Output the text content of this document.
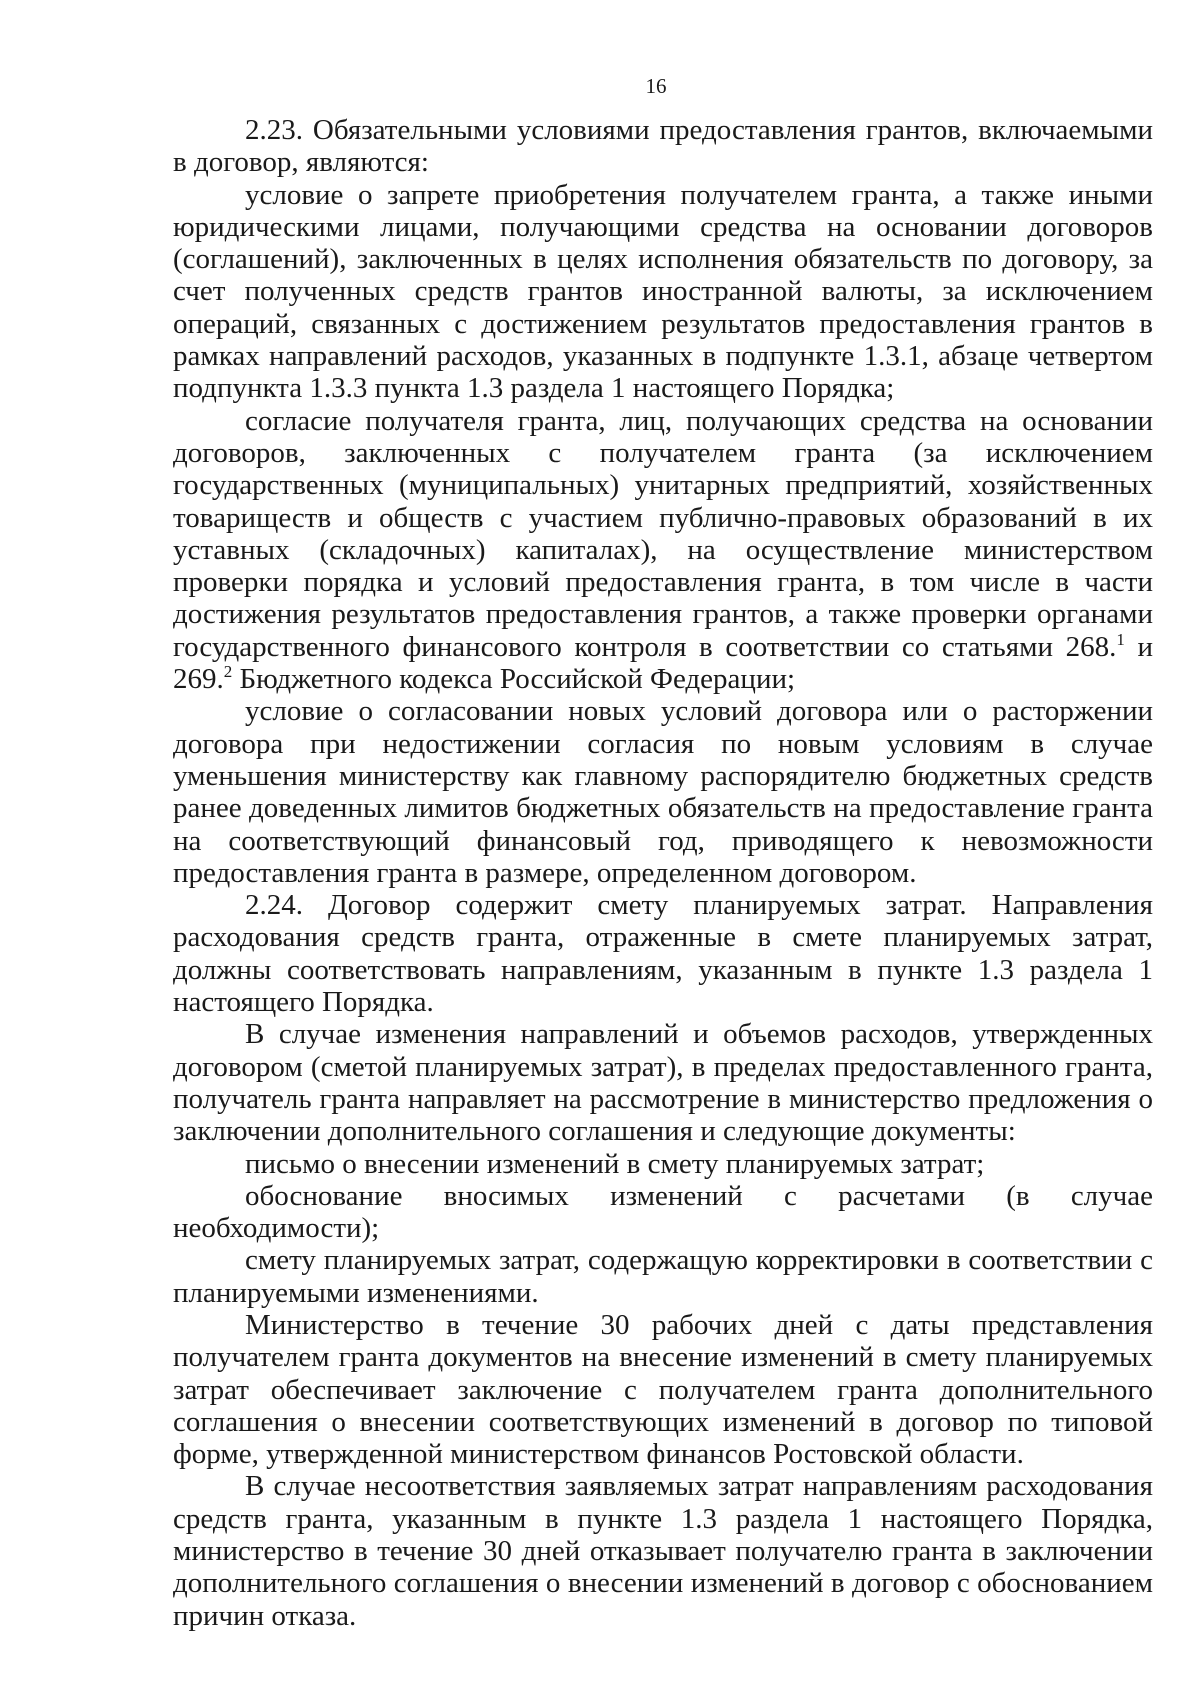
16

2.23. Обязательными условиями предоставления грантов, включаемыми в договор, являются:

условие о запрете приобретения получателем гранта, а также иными юридическими лицами, получающими средства на основании договоров (соглашений), заключенных в целях исполнения обязательств по договору, за счет полученных средств грантов иностранной валюты, за исключением операций, связанных с достижением результатов предоставления грантов в рамках направлений расходов, указанных в подпункте 1.3.1, абзаце четвертом подпункта 1.3.3 пункта 1.3 раздела 1 настоящего Порядка;

согласие получателя гранта, лиц, получающих средства на основании договоров, заключенных с получателем гранта (за исключением государственных (муниципальных) унитарных предприятий, хозяйственных товариществ и обществ с участием публично-правовых образований в их уставных (складочных) капиталах), на осуществление министерством проверки порядка и условий предоставления гранта, в том числе в части достижения результатов предоставления грантов, а также проверки органами государственного финансового контроля в соответствии со статьями 268.$^1$ и 269.$^2$ Бюджетного кодекса Российской Федерации;

условие о согласовании новых условий договора или о расторжении договора при недостижении согласия по новым условиям в случае уменьшения министерству как главному распорядителю бюджетных средств ранее доведенных лимитов бюджетных обязательств на предоставление гранта на соответствующий финансовый год, приводящего к невозможности предоставления гранта в размере, определенном договором.

2.24. Договор содержит смету планируемых затрат. Направления расходования средств гранта, отраженные в смете планируемых затрат, должны соответствовать направлениям, указанным в пункте 1.3 раздела 1 настоящего Порядка.

В случае изменения направлений и объемов расходов, утвержденных договором (сметой планируемых затрат), в пределах предоставленного гранта, получатель гранта направляет на рассмотрение в министерство предложения о заключении дополнительного соглашения и следующие документы:

письмо о внесении изменений в смету планируемых затрат;

обоснование вносимых изменений с расчетами (в случае необходимости);

смету планируемых затрат, содержащую корректировки в соответствии с планируемыми изменениями.

Министерство в течение 30 рабочих дней с даты представления получателем гранта документов на внесение изменений в смету планируемых затрат обеспечивает заключение с получателем гранта дополнительного соглашения о внесении соответствующих изменений в договор по типовой форме, утвержденной министерством финансов Ростовской области.

В случае несоответствия заявляемых затрат направлениям расходования средств гранта, указанным в пункте 1.3 раздела 1 настоящего Порядка, министерство в течение 30 дней отказывает получателю гранта в заключении дополнительного соглашения о внесении изменений в договор с обоснованием причин отказа.
